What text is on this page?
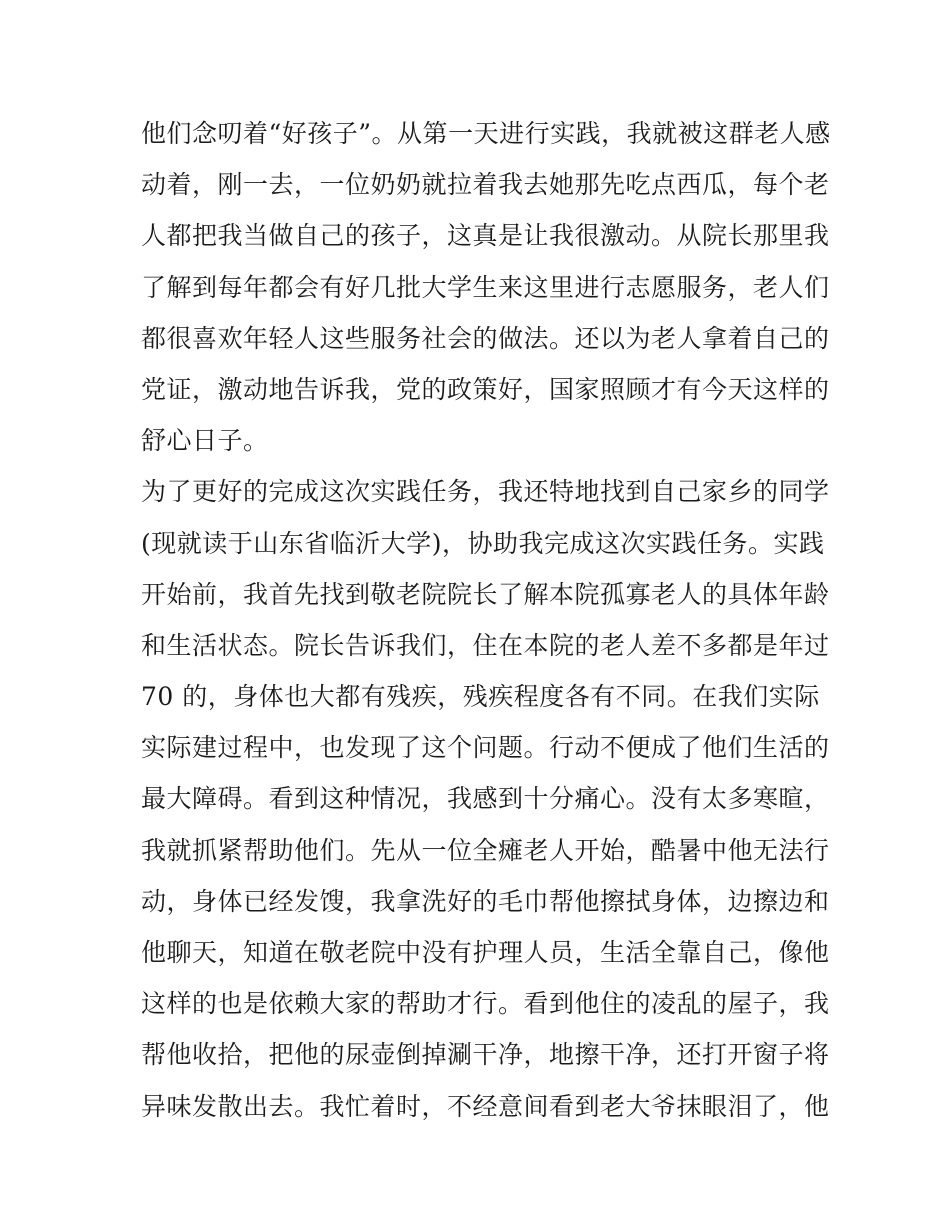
他们念叨着“好孩子”。从第一天进行实践，我就被这群老人感
动着，刚一去，一位奶奶就拉着我去她那先吃点西瓜，每个老
人都把我当做自己的孩子，这真是让我很激动。从院长那里我
了解到每年都会有好几批大学生来这里进行志愿服务，老人们
都很喜欢年轻人这些服务社会的做法。还以为老人拿着自己的
党证，激动地告诉我，党的政策好，国家照顾才有今天这样的
舒心日子。
为了更好的完成这次实践任务，我还特地找到自己家乡的同学
(现就读于山东省临沂大学)，协助我完成这次实践任务。实践
开始前，我首先找到敬老院院长了解本院孤寡老人的具体年龄
和生活状态。院长告诉我们，住在本院的老人差不多都是年过
70 的，身体也大都有残疾，残疾程度各有不同。在我们实际
实际建过程中，也发现了这个问题。行动不便成了他们生活的
最大障碍。看到这种情况，我感到十分痛心。没有太多寒暄，
我就抓紧帮助他们。先从一位全瘫老人开始，酷暑中他无法行
动，身体已经发馊，我拿洗好的毛巾帮他擦拭身体，边擦边和
他聊天，知道在敬老院中没有护理人员，生活全靠自己，像他
这样的也是依赖大家的帮助才行。看到他住的凌乱的屋子，我
帮他收拾，把他的尿壶倒掉涮干净，地擦干净，还打开窗子将
异味发散出去。我忙着时，不经意间看到老大爷抹眼泪了，他
